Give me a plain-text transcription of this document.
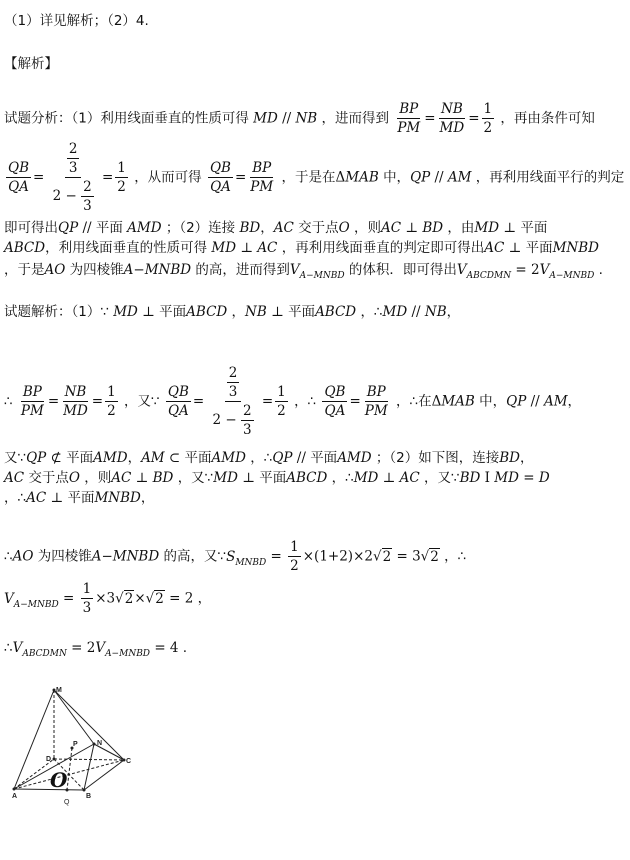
（1）详见解析；（2）4.
【解析】
试题分析：（1）利用线面垂直的性质可得 MD // NB ，进而得到 $\frac{BP}{PM} = \frac{NB}{MD} = \frac{1}{2}$ ，再由条件可知
$\frac{QB}{QA} = \frac{\frac{2}{3}}{2 - \frac{2}{3}} = \frac{1}{2}$ ，从而可得 $\frac{QB}{QA} = \frac{BP}{PM}$ ，于是在ΔMAB 中，QP // AM ，再利用线面平行的判定
即可得出QP // 平面 AMD ；（2）连接 BD，AC 交于点O ，则AC ⊥ BD ，由MD ⊥ 平面
ABCD，利用线面垂直的性质可得 MD ⊥ AC ，再利用线面垂直的判定即可得出AC ⊥ 平面MNBD
，于是AO 为四棱锥A−MNBD 的高，进而得到$V_{A-MNBD}$ 的体积．即可得出$V_{ABCDMN} = 2V_{A-MNBD}$ .
试题解析：（1）∵ MD ⊥ 平面ABCD ，NB ⊥ 平面ABCD ，∴MD // NB，
∴ $\frac{BP}{PM} = \frac{NB}{MD} = \frac{1}{2}$ ，又∵ $\frac{QB}{QA} = \frac{\frac{2}{3}}{2 - \frac{2}{3}} = \frac{1}{2}$ ，∴ $\frac{QB}{QA} = \frac{BP}{PM}$ ，∴在ΔMAB 中，QP // AM，
又∵QP ⊄ 平面AMD，AM ⊂ 平面AMD ，∴QP // 平面AMD ；（2）如下图，连接BD，
AC 交于点O ，则AC ⊥ BD ，又∵MD ⊥ 平面ABCD ，∴MD ⊥ AC ，又∵BD I MD = D
，∴AC ⊥ 平面MNBD，
∴AO 为四棱锥A−MNBD 的高，又$\because S_{MNBD} = \frac{1}{2} \times(1+2)\times 2√2 = 3√2$ ，∴
$V_{A-MNBD} = \frac{1}{3} \times 3√2\times√2 = 2$ ，
$\therefore V_{ABCDMN} = 2V_{A-MNBD} = 4$ .
M
N
P
D	C
A	B
Q
O
